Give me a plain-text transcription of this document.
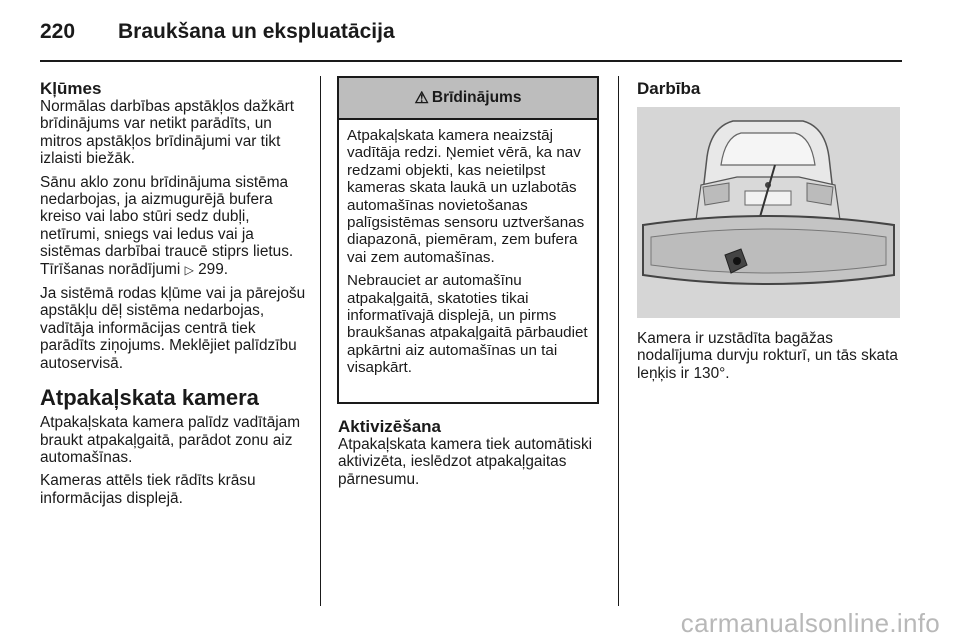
220 Braukšana un ekspluatācija
Kļūmes

Normālas darbības apstākļos dažkārt brīdinājums var netikt parādīts, un mitros apstākļos brīdinājumi var tikt izlaisti biežāk.

Sānu aklo zonu brīdinājuma sistēma nedarbojas, ja aizmugurējā bufera kreiso vai labo stūri sedz dubļi, netīrumi, sniegs vai ledus vai ja sistēmas darbībai traucē stiprs lietus. Tīrīšanas norādījumi ▷ 299.

Ja sistēmā rodas kļūme vai ja pārejošu apstākļu dēļ sistēma nedarbojas, vadītāja informācijas centrā tiek parādīts ziņojums. Meklējiet palīdzību autoservisā.

Atpakaļskata kamera

Atpakaļskata kamera palīdz vadītājam braukt atpakaļgaitā, parādot zonu aiz automašīnas.

Kameras attēls tiek rādīts krāsu informācijas displejā.

⚠ Brīdinājums

Atpakaļskata kamera neaizstāj vadītāja redzi. Ņemiet vērā, ka nav redzami objekti, kas neietilpst kameras skata laukā un uzlabotās automašīnas novietošanas palīgsistēmas sensoru uztveršanas diapazonā, piemēram, zem bufera vai zem automašīnas.

Nebrauciet ar automašīnu atpakaļgaitā, skatoties tikai informatīvajā displejā, un pirms braukšanas atpakaļgaitā pārbaudiet apkārtni aiz automašīnas un tai visapkārt.

Aktivizēšana

Atpakaļskata kamera tiek automātiski aktivizēta, ieslēdzot atpakaļgaitas pārnesumu.

Darbība

Kamera ir uzstādīta bagāžas nodalījuma durvju rokturī, un tās skata leņķis ir 130°.

carmanualsonline.info
